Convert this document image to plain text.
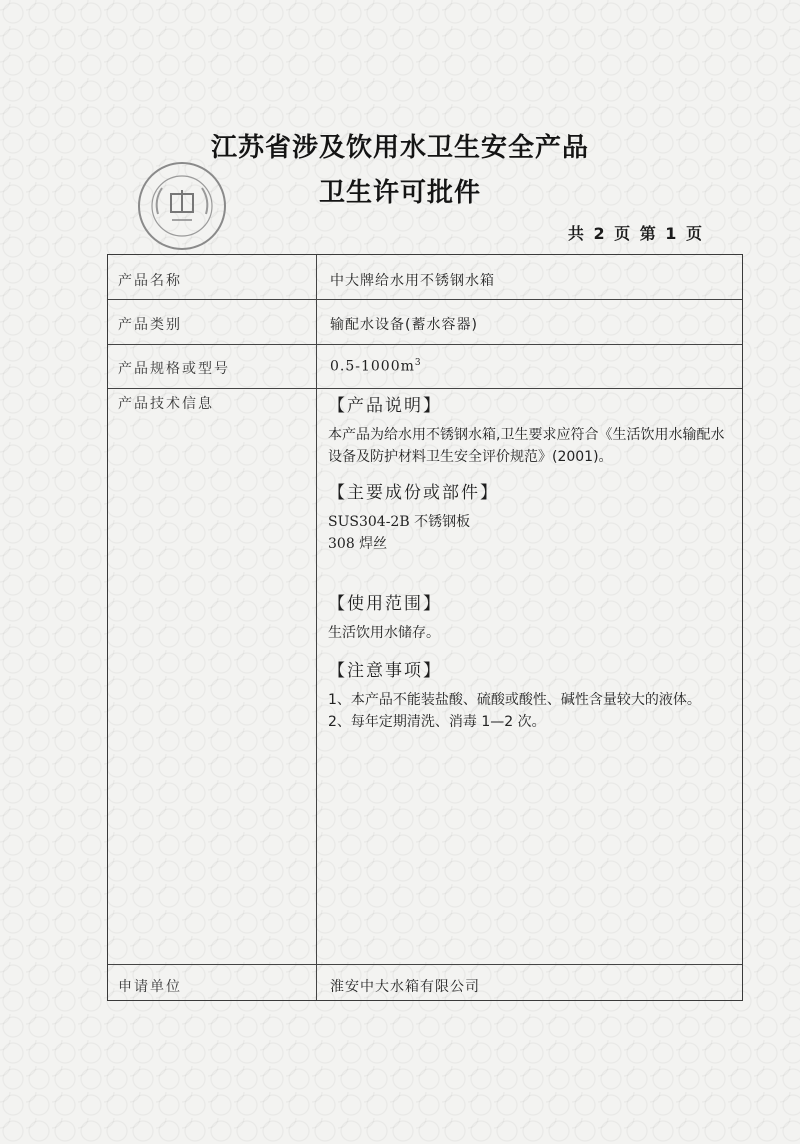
江苏省涉及饮用水卫生安全产品
卫生许可批件
共 2 页 第 1 页
产品名称	中大牌给水用不锈钢水箱
产品类别	输配水设备(蓄水容器)
产品规格或型号	$0.5-1000m^3$
产品技术信息	【产品说明】
本产品为给水用不锈钢水箱,卫生要求应符合《生活饮用水输配水设备及防护材料卫生安全评价规范》(2001)。
【主要成份或部件】
SUS304-2B 不锈钢板
308 焊丝
【使用范围】
生活饮用水储存。
【注意事项】
1、本产品不能装盐酸、硫酸或酸性、碱性含量较大的液体。
2、每年定期清洗、消毒 1—2 次。
申请单位	淮安中大水箱有限公司
